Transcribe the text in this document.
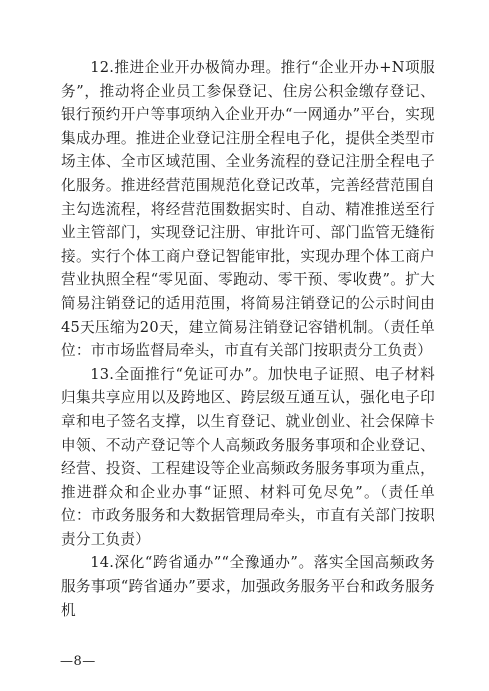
12.推进企业开办极简办理。推行“企业开办+N项服务”，推动将企业员工参保登记、住房公积金缴存登记、银行预约开户等事项纳入企业开办“一网通办”平台，实现集成办理。推进企业登记注册全程电子化，提供全类型市场主体、全市区域范围、全业务流程的登记注册全程电子化服务。推进经营范围规范化登记改革，完善经营范围自主勾选流程，将经营范围数据实时、自动、精准推送至行业主管部门，实现登记注册、审批许可、部门监管无缝衔接。实行个体工商户登记智能审批，实现办理个体工商户营业执照全程“零见面、零跑动、零干预、零收费”。扩大简易注销登记的适用范围，将简易注销登记的公示时间由45天压缩为20天，建立简易注销登记容错机制。（责任单位：市市场监督局牵头，市直有关部门按职责分工负责）

13.全面推行“免证可办”。加快电子证照、电子材料归集共享应用以及跨地区、跨层级互通互认，强化电子印章和电子签名支撑，以生育登记、就业创业、社会保障卡申领、不动产登记等个人高频政务服务事项和企业登记、经营、投资、工程建设等企业高频政务服务事项为重点，推进群众和企业办事“证照、材料可免尽免”。（责任单位：市政务服务和大数据管理局牵头，市直有关部门按职责分工负责）

14.深化“跨省通办”“全豫通办”。落实全国高频政务服务事项“跨省通办”要求，加强政务服务平台和政务服务机

—8—
